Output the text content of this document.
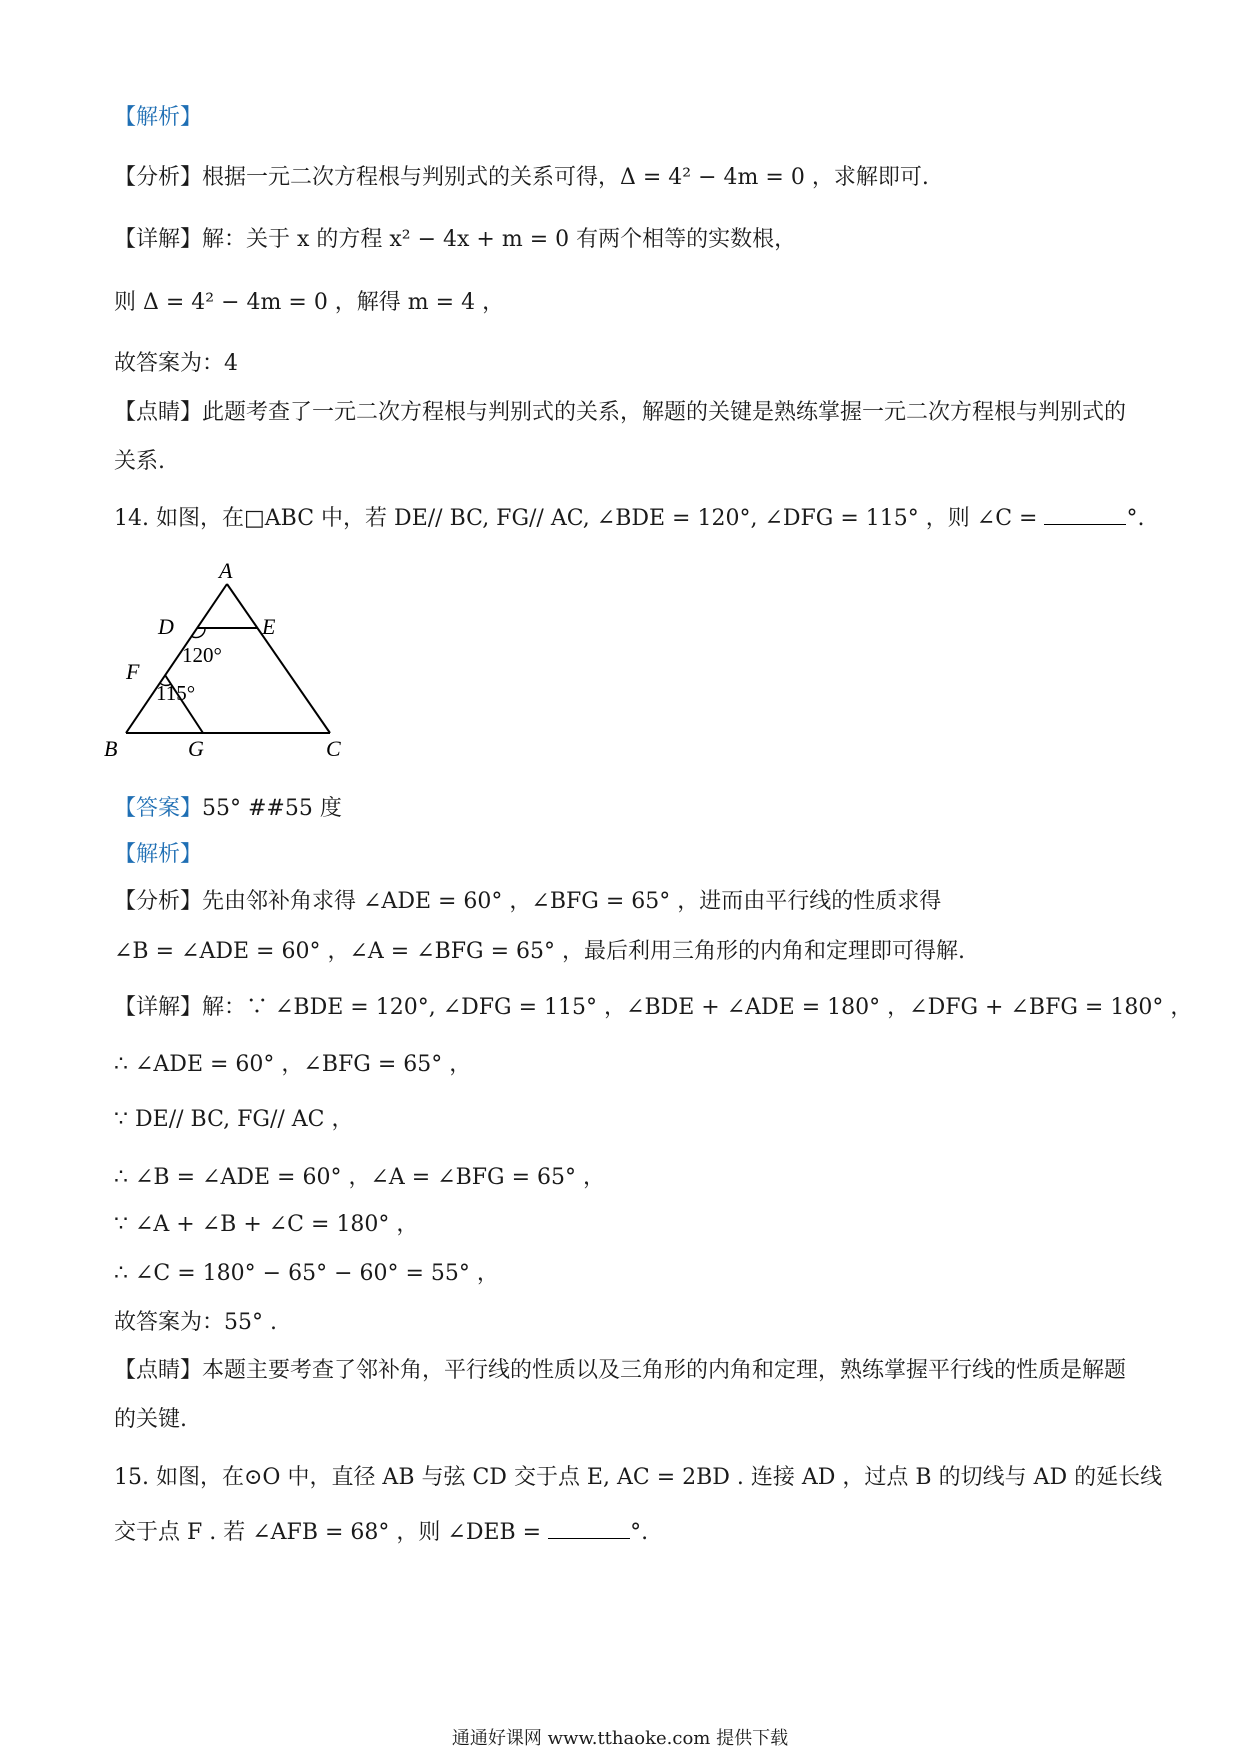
【解析】
【分析】根据一元二次方程根与判别式的关系可得，Δ = 4² − 4m = 0 ，求解即可.
【详解】解：关于 x 的方程 x² − 4x + m = 0 有两个相等的实数根，
则 Δ = 4² − 4m = 0 ，解得 m = 4 ，
故答案为：4
【点睛】此题考查了一元二次方程根与判别式的关系，解题的关键是熟练掌握一元二次方程根与判别式的
关系.
14. 如图，在□ABC 中，若 DE// BC, FG// AC, ∠BDE = 120°, ∠DFG = 115° ，则 ∠C =	°.
A
D	E
F
B	G	C
120°
115°
【答案】55° ##55 度
【解析】
【分析】先由邻补角求得 ∠ADE = 60° ，∠BFG = 65° ，进而由平行线的性质求得
∠B = ∠ADE = 60° ，∠A = ∠BFG = 65° ，最后利用三角形的内角和定理即可得解.
【详解】解：∵ ∠BDE = 120°, ∠DFG = 115° ，∠BDE + ∠ADE = 180° ，∠DFG + ∠BFG = 180° ，
∴ ∠ADE = 60° ，∠BFG = 65° ，
∵ DE// BC, FG// AC ，
∴ ∠B = ∠ADE = 60° ，∠A = ∠BFG = 65° ，
∵ ∠A + ∠B + ∠C = 180° ，
∴ ∠C = 180° − 65° − 60° = 55° ，
故答案为：55° .
【点睛】本题主要考查了邻补角，平行线的性质以及三角形的内角和定理，熟练掌握平行线的性质是解题
的关键.
15. 如图，在⊙O 中，直径 AB 与弦 CD 交于点 E, AC = 2BD . 连接 AD ，过点 B 的切线与 AD 的延长线
交于点 F . 若 ∠AFB = 68° ，则 ∠DEB =	°.
通通好课网 www.tthaoke.com 提供下载
